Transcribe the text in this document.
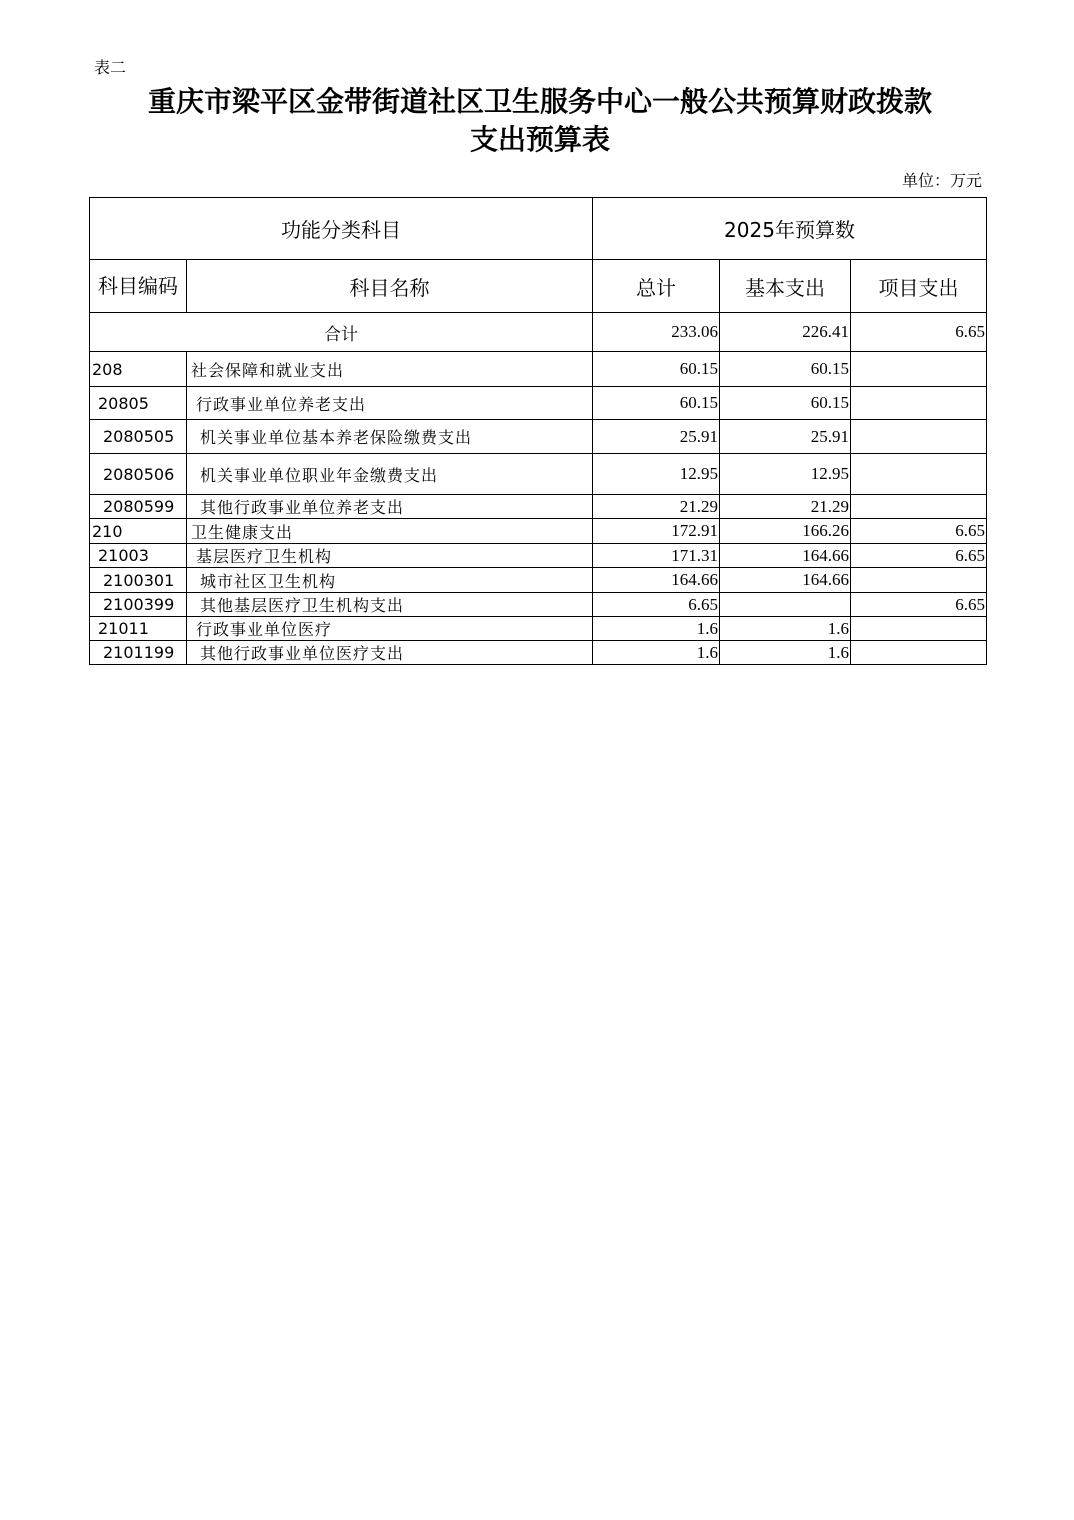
表二
重庆市梁平区金带街道社区卫生服务中心一般公共预算财政拨款
支出预算表
单位：万元
功能分类科目		2025年预算数		
科目编码	科目名称	总计	基本支出	项目支出
合计		233.06	226.41	6.65
208	社会保障和就业支出	60.15	60.15	
20805	行政事业单位养老支出	60.15	60.15	
2080505	机关事业单位基本养老保险缴费支出	25.91	25.91	
2080506	机关事业单位职业年金缴费支出	12.95	12.95	
2080599	其他行政事业单位养老支出	21.29	21.29	
210	卫生健康支出	172.91	166.26	6.65
21003	基层医疗卫生机构	171.31	164.66	6.65
2100301	城市社区卫生机构	164.66	164.66	
2100399	其他基层医疗卫生机构支出	6.65		6.65
21011	行政事业单位医疗	1.6	1.6	
2101199	其他行政事业单位医疗支出	1.6	1.6	
